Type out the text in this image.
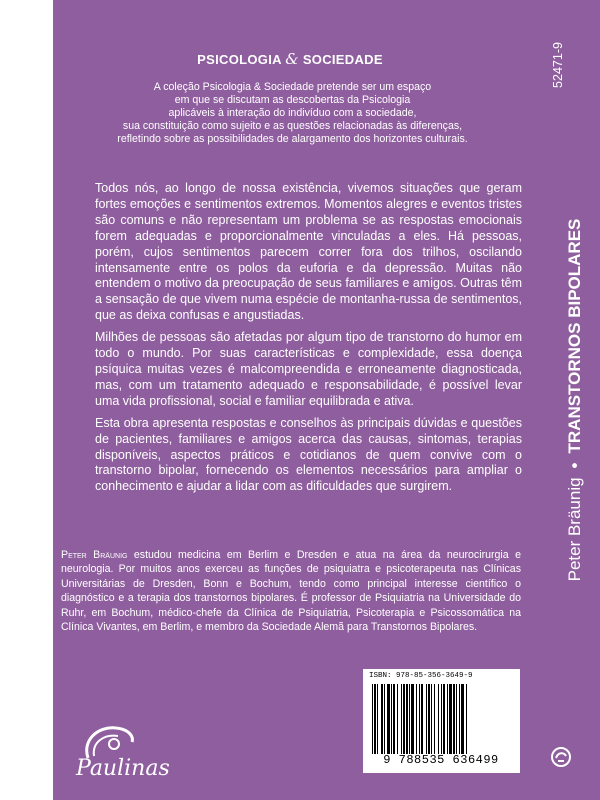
PSICOLOGIA & SOCIEDADE
A coleção Psicologia & Sociedade pretende ser um espaço
em que se discutam as descobertas da Psicologia
aplicáveis à interação do indivíduo com a sociedade,
sua constituição como sujeito e as questões relacionadas às diferenças,
refletindo sobre as possibilidades de alargamento dos horizontes culturais.
52471-9
Peter Bräunig•TRANSTORNOS BIPOLARES

Todos nós, ao longo de nossa existência, vivemos situações que geram fortes emoções e sentimentos extremos. Momentos alegres e eventos tristes são comuns e não representam um problema se as respostas emocionais forem adequadas e proporcionalmente vinculadas a eles. Há pessoas, porém, cujos sentimentos parecem correr fora dos trilhos, oscilando intensamente entre os polos da euforia e da depressão. Muitas não entendem o motivo da preocupação de seus familiares e amigos. Outras têm a sensação de que vivem numa espécie de montanha-russa de sentimentos, que as deixa confusas e angustiadas.

Milhões de pessoas são afetadas por algum tipo de transtorno do humor em todo o mundo. Por suas características e complexidade, essa doença psíquica muitas vezes é malcompreendida e erroneamente diagnosticada, mas, com um tratamento adequado e responsabilidade, é possível levar uma vida profissional, social e familiar equilibrada e ativa.

Esta obra apresenta respostas e conselhos às principais dúvidas e questões de pacientes, familiares e amigos acerca das causas, sintomas, terapias disponíveis, aspectos práticos e cotidianos de quem convive com o transtorno bipolar, fornecendo os elementos necessários para ampliar o conhecimento e ajudar a lidar com as dificuldades que surgirem.

Peter Bräunig estudou medicina em Berlim e Dresden e atua na área da neurocirurgia e neurologia. Por muitos anos exerceu as funções de psiquiatra e psicoterapeuta nas Clínicas Universitárias de Dresden, Bonn e Bochum, tendo como principal interesse científico o diagnóstico e a terapia dos transtornos bipolares. É professor de Psiquiatria na Universidade do Ruhr, em Bochum, médico-chefe da Clínica de Psiquiatria, Psicoterapia e Psicossomática na Clínica Vivantes, em Berlim, e membro da Sociedade Alemã para Transtornos Bipolares.
ISBN: 978-85-356-3649-9
9 788535 636499
Paulinas
